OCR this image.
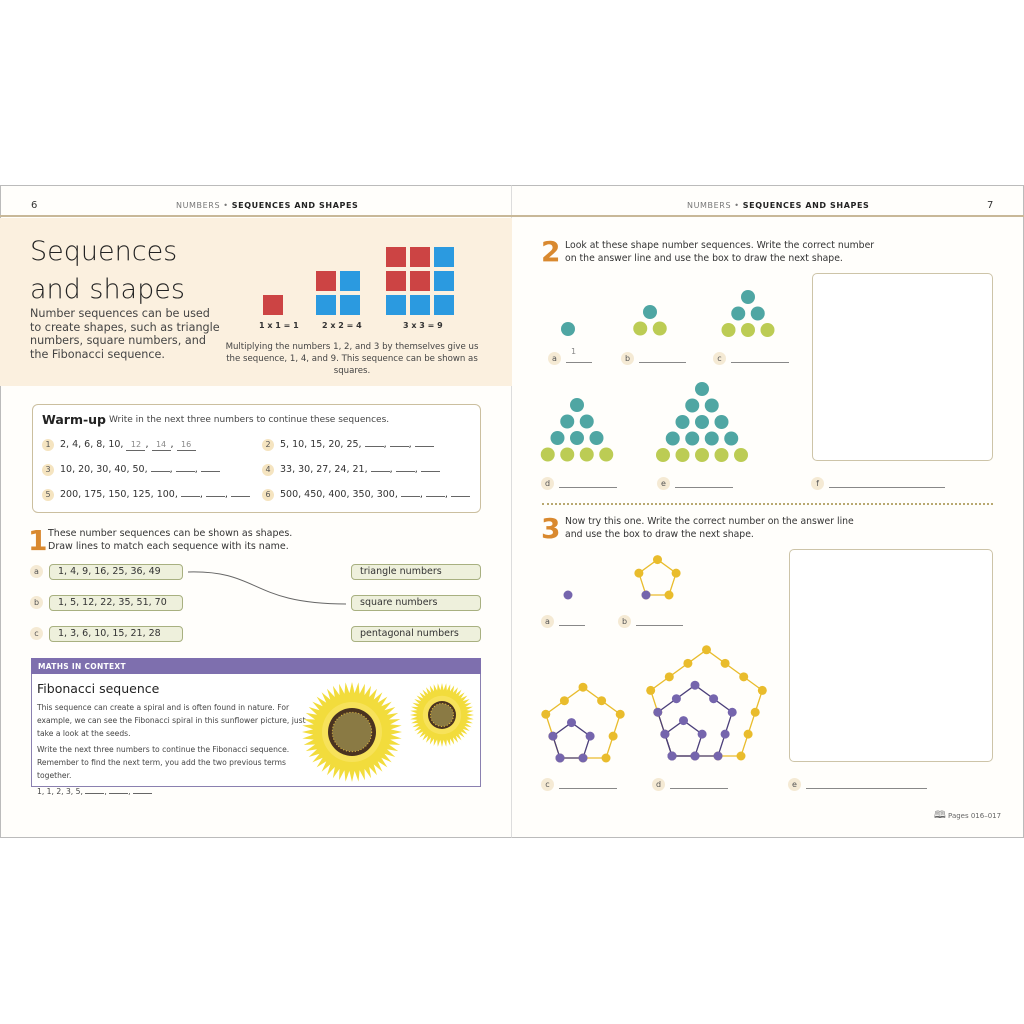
6	NUMBERS • SEQUENCES AND SHAPES	NUMBERS • SEQUENCES AND SHAPES	7
Sequences
and shapes
Number sequences can be used to create shapes, such as triangle numbers, square numbers, and the Fibonacci sequence.
1 x 1 = 1	2 x 2 = 4	3 x 3 = 9
Multiplying the numbers 1, 2, and 3 by themselves give us the sequence, 1, 4, and 9. This sequence can be shown as squares.
Warm-up Write in the next three numbers to continue these sequences.
1 2, 4, 6, 8, 10, 12 , 14 , 16	2 5, 10, 15, 20, 25, , ,
3 10, 20, 30, 40, 50, , ,	4 33, 30, 27, 24, 21, , ,
5 200, 175, 150, 125, 100, , ,	6 500, 450, 400, 350, 300, , ,
1 These number sequences can be shown as shapes.
Draw lines to match each sequence with its name.
a	1, 4, 9, 16, 25, 36, 49	triangle numbers
b	1, 5, 12, 22, 35, 51, 70	square numbers
c	1, 3, 6, 10, 15, 21, 28	pentagonal numbers
MATHS IN CONTEXT
Fibonacci sequence
This sequence can create a spiral and is often found in nature. For example, we can see the Fibonacci spiral in this sunflower picture, just take a look at the seeds.
Write the next three numbers to continue the Fibonacci sequence. Remember to find the next term, you add the two previous terms together.
1, 1, 2, 3, 5,	,	,
2 Look at these shape number sequences. Write the correct number
on the answer line and use the box to draw the next shape.
1
3 Now try this one. Write the correct number on the answer line
and use the box to draw the next shape.
a	b	c
d	e	f
a	b
c	d	e
🕮 Pages 016–017
